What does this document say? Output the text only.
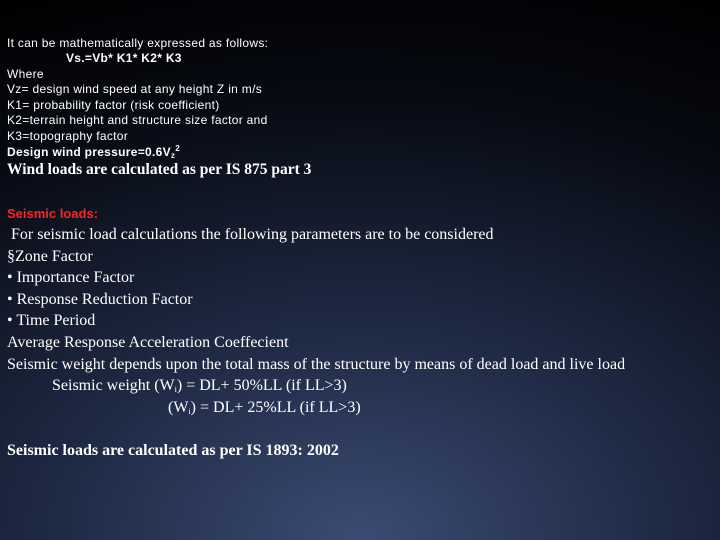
It can be mathematically expressed as follows:
Vs.=Vb* K1* K2* K3
Where
Vz= design wind speed at any height Z in m/s
K1= probability factor (risk coefficient)
K2=terrain height and structure size factor and
K3=topography factor
Design wind $pressure=0.6V_z^2$
Wind loads are calculated as per IS 875 part 3
Seismic loads:
For seismic load calculations the following parameters are to be considered
§Zone Factor
• Importance Factor
• Response Reduction Factor
• Time Period
Average Response Acceleration Coeffecient
Seismic weight depends upon the total mass of the structure by means of dead load and live load
Seismic weight $(W_i) = DL+ 50\%LL$ (if LL>3)
$(W_i) = DL+ 25\%LL$ (if LL>3)
Seismic loads are calculated as per IS 1893: 2002
